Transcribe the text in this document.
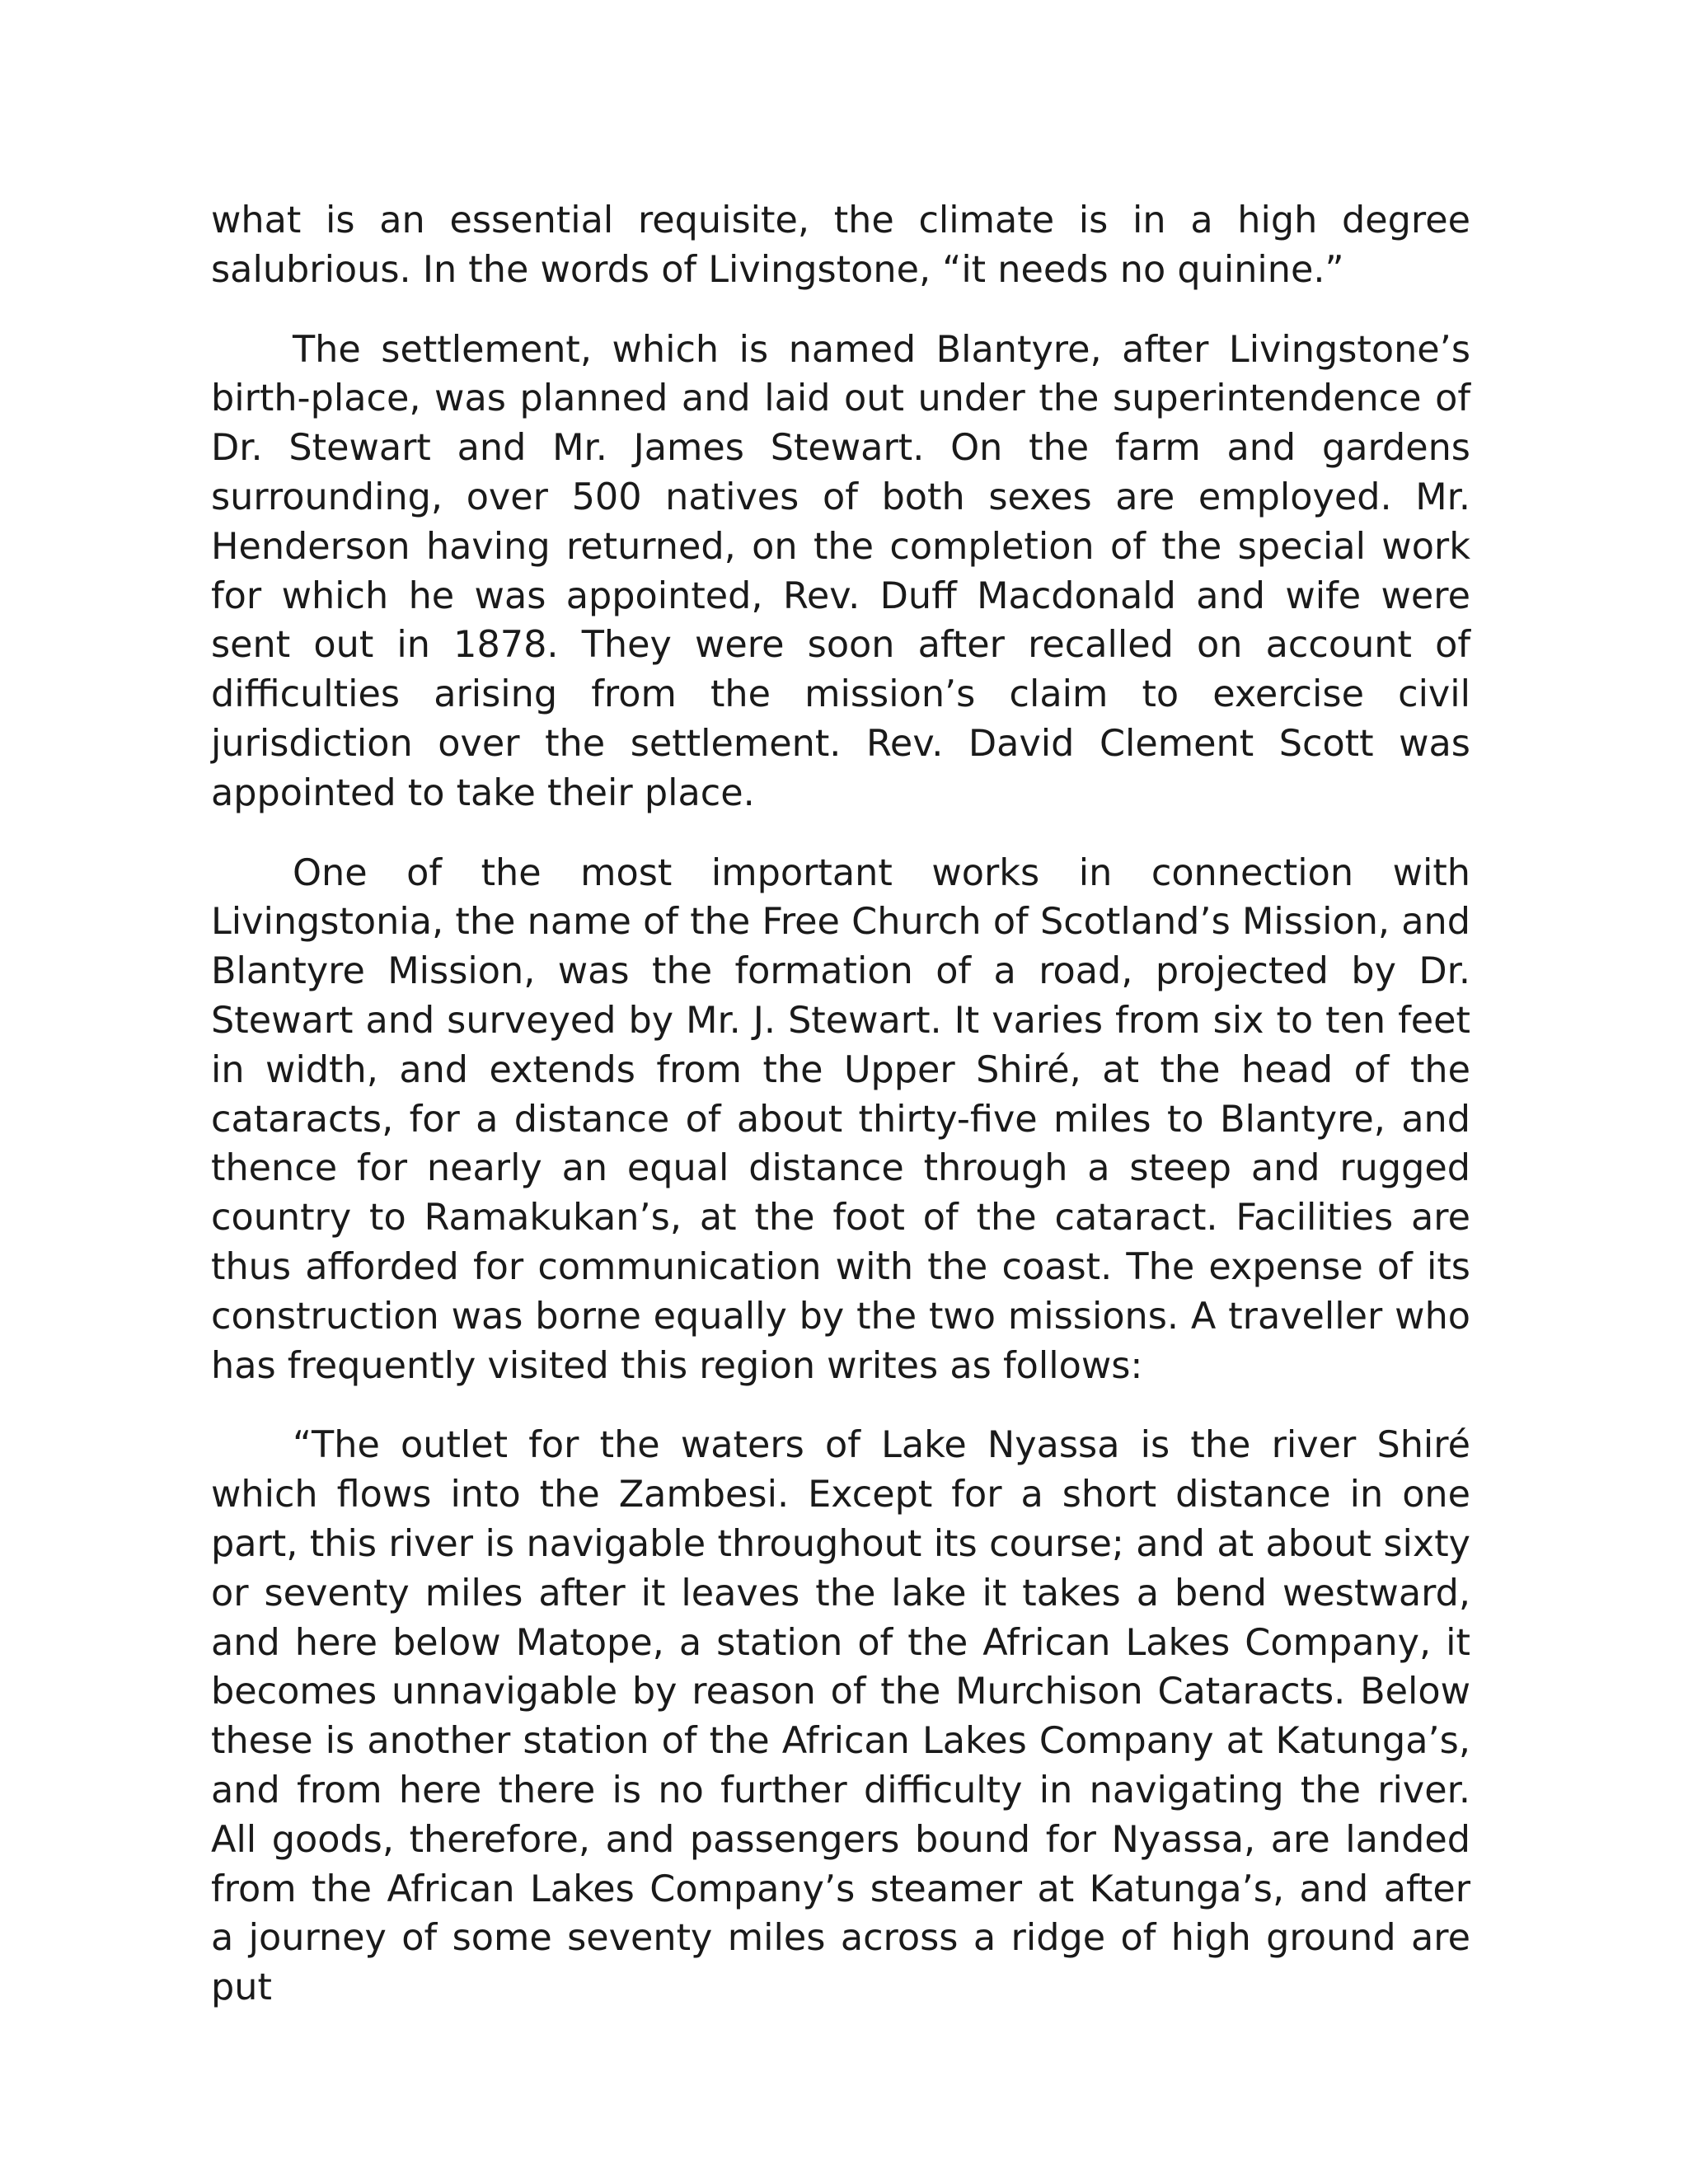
what is an essential requisite, the climate is in a high degree salubrious. In the words of Livingstone, “it needs no quinine.”

The settlement, which is named Blantyre, after Livingstone’s birth-place, was planned and laid out under the superintendence of Dr. Stewart and Mr. James Stewart. On the farm and gardens surrounding, over 500 natives of both sexes are employed. Mr. Henderson having returned, on the completion of the special work for which he was appointed, Rev. Duff Macdonald and wife were sent out in 1878. They were soon after recalled on account of difficulties arising from the mission’s claim to exercise civil jurisdiction over the settlement. Rev. David Clement Scott was appointed to take their place.

One of the most important works in connection with Livingstonia, the name of the Free Church of Scotland’s Mission, and Blantyre Mission, was the formation of a road, projected by Dr. Stewart and surveyed by Mr. J. Stewart. It varies from six to ten feet in width, and extends from the Upper Shiré, at the head of the cataracts, for a distance of about thirty-five miles to Blantyre, and thence for nearly an equal distance through a steep and rugged country to Ramakukan’s, at the foot of the cataract. Facilities are thus afforded for communication with the coast. The expense of its construction was borne equally by the two missions. A traveller who has frequently visited this region writes as follows:

“The outlet for the waters of Lake Nyassa is the river Shiré which flows into the Zambesi. Except for a short distance in one part, this river is navigable throughout its course; and at about sixty or seventy miles after it leaves the lake it takes a bend westward, and here below Matope, a station of the African Lakes Company, it becomes unnavigable by reason of the Murchison Cataracts. Below these is another station of the African Lakes Company at Katunga’s, and from here there is no further difficulty in navigating the river. All goods, therefore, and passengers bound for Nyassa, are landed from the African Lakes Company’s steamer at Katunga’s, and after a journey of some seventy miles across a ridge of high ground are put
